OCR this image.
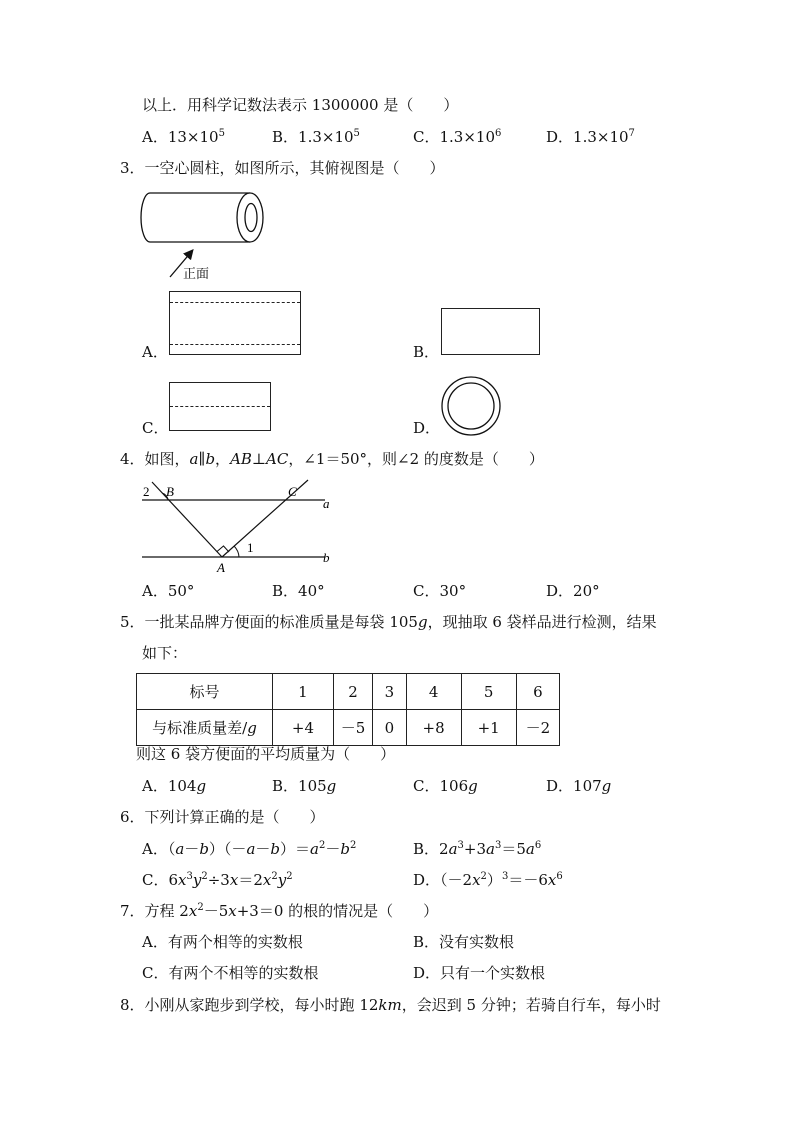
以上．用科学记数法表示 1300000 是（　　）
A．$13\times 10^5$	B．$1.3\times 10^5$	C．$1.3\times 10^6$	D．$1.3\times 10^7$
3．一空心圆柱，如图所示，其俯视图是（　　）
正面
A．	B．
C．	D．
4．如图，a∥b，AB⊥AC，∠1＝50°，则∠2 的度数是（　　）
2 B	C
a
b
1
A
A．50°	B．40°	C．30°	D．20°
5．一批某品牌方便面的标准质量是每袋 105g，现抽取 6 袋样品进行检测，结果
如下：
标号	1	2	3	4	5	6
与标准质量差/g	+4	－5	0	+8	+1	－2
则这 6 袋方便面的平均质量为（　　）
A．104g	B．105g	C．106g	D．107g
6．下列计算正确的是（　　）
A．$(a-b)(-a-b)=a^2-b^2$	B．$2a^3+3a^3=5a^6$
C．$6x^3y^2\div 3x=2x^2y^2$	D．$(-2x^2)^3=-6x^6$
7．方程 $2x^2-5x+3=0$ 的根的情况是（　　）
A．有两个相等的实数根	B．没有实数根
C．有两个不相等的实数根	D．只有一个实数根
8．小刚从家跑步到学校，每小时跑 12km，会迟到 5 分钟；若骑自行车，每小时
